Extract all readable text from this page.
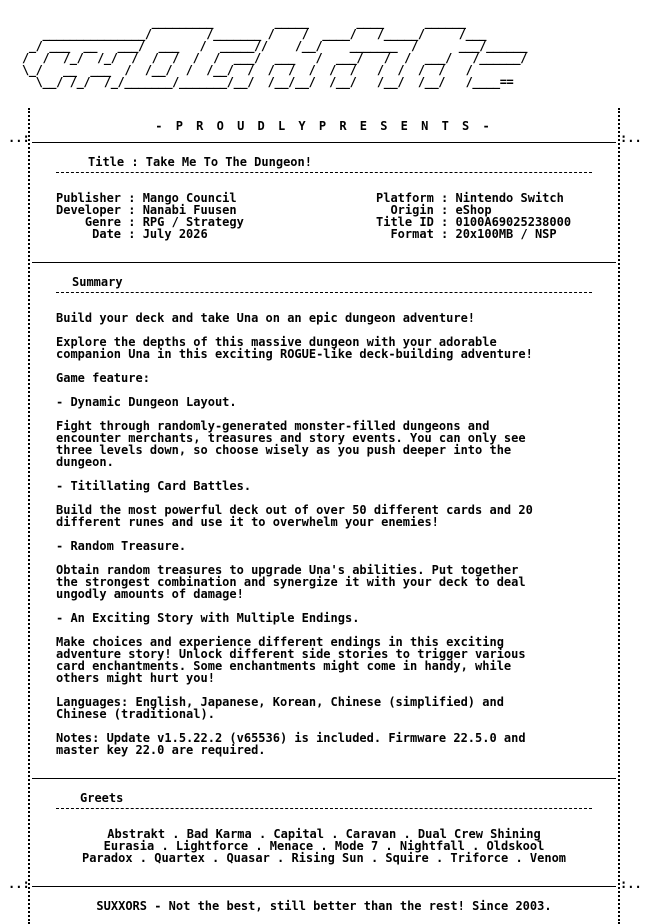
_________         _____       ____      ______
_______________/        /_______ /    /  ____/   /_____/     /___
_/ ___  __   ___/  ___   /  _____//    /__/    _______  /      ___/______
/  /  /_/  /_/  /  /  /  /  /  ___/  ___   /  ___/   /  /  ___/   /______/
\_/   __  ___  /  /__/  /  /__/  /  /  /  /  /  /   /  /  /  /   /
\__/ /_/  /_/_______/_______/__/  /__/__/  /__/   /__/  /__/   /____==

..:	:..
..:	:..
- P R O U D L Y P R E S E N T S -
Title : Take Me To The Dungeon!
Publisher : Mango Council
Developer : Nanabi Fuusen
Genre : RPG / Strategy
Date : July 2026
Platform : Nintendo Switch
Origin : eShop
Title ID : 0100A69025238000
Format : 20x100MB / NSP
Summary

Build your deck and take Una on an epic dungeon adventure!

Explore the depths of this massive dungeon with your adorable
companion Una in this exciting ROGUE-like deck-building adventure!

Game feature:

- Dynamic Dungeon Layout.

Fight through randomly-generated monster-filled dungeons and
encounter merchants, treasures and story events. You can only see
three levels down, so choose wisely as you push deeper into the
dungeon.

- Titillating Card Battles.

Build the most powerful deck out of over 50 different cards and 20
different runes and use it to overwhelm your enemies!

- Random Treasure.

Obtain random treasures to upgrade Una's abilities. Put together
the strongest combination and synergize it with your deck to deal
ungodly amounts of damage!

- An Exciting Story with Multiple Endings.

Make choices and experience different endings in this exciting
adventure story! Unlock different side stories to trigger various
card enchantments. Some enchantments might come in handy, while
others might hurt you!

Languages: English, Japanese, Korean, Chinese (simplified) and
Chinese (traditional).

Notes: Update v1.5.22.2 (v65536) is included. Firmware 22.5.0 and
master key 22.0 are required.

Greets
Abstrakt . Bad Karma . Capital . Caravan . Dual Crew Shining
Eurasia . Lightforce . Menace . Mode 7 . Nightfall . Oldskool
Paradox . Quartex . Quasar . Rising Sun . Squire . Triforce . Venom
SUXXORS - Not the best, still better than the rest! Since 2003.
